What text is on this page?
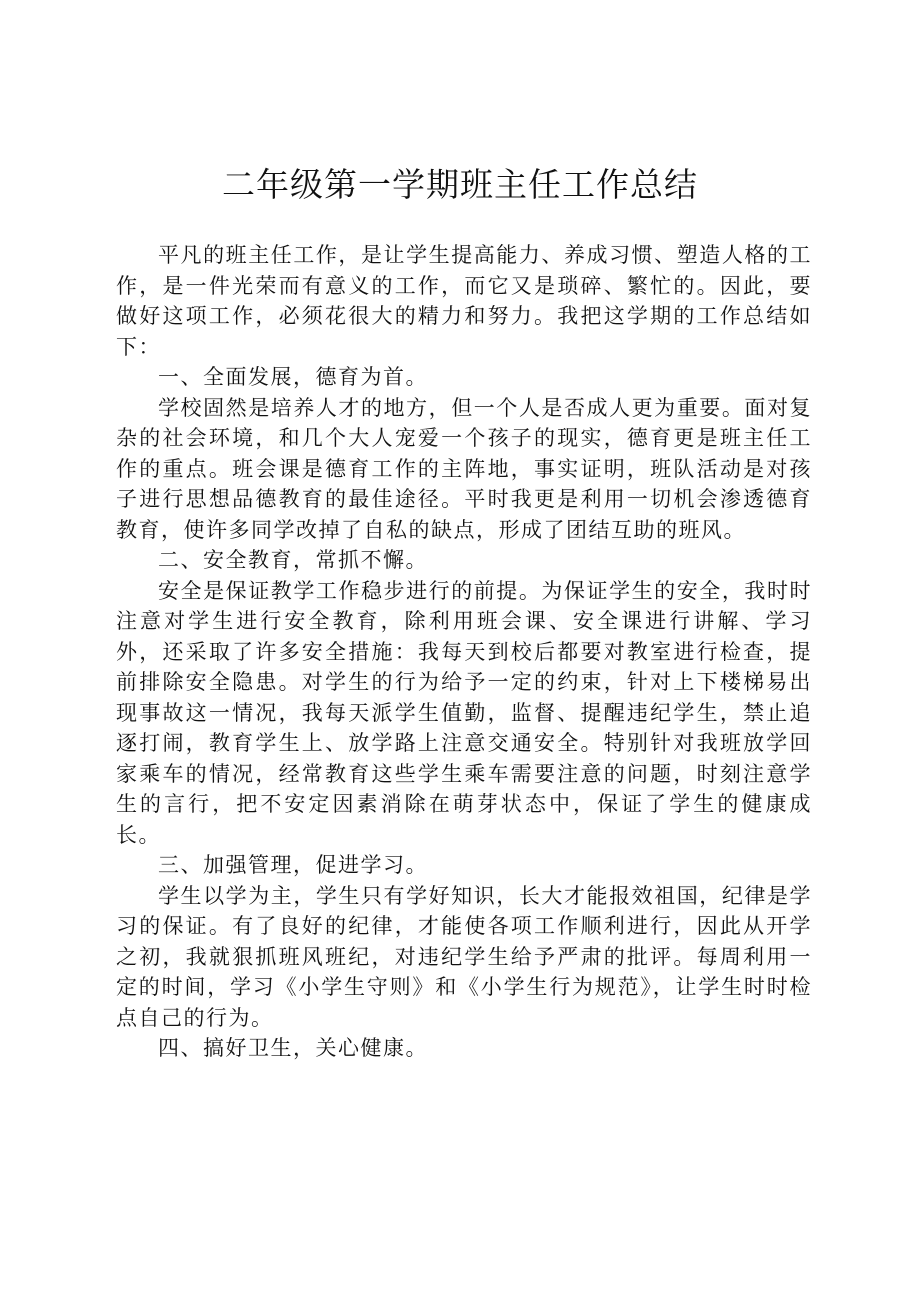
二年级第一学期班主任工作总结

平凡的班主任工作，是让学生提高能力、养成习惯、塑造人格的工作，是一件光荣而有意义的工作，而它又是琐碎、繁忙的。因此，要做好这项工作，必须花很大的精力和努力。我把这学期的工作总结如下：

一、全面发展，德育为首。

学校固然是培养人才的地方，但一个人是否成人更为重要。面对复杂的社会环境，和几个大人宠爱一个孩子的现实，德育更是班主任工作的重点。班会课是德育工作的主阵地，事实证明，班队活动是对孩子进行思想品德教育的最佳途径。平时我更是利用一切机会渗透德育教育，使许多同学改掉了自私的缺点，形成了团结互助的班风。

二、安全教育，常抓不懈。

安全是保证教学工作稳步进行的前提。为保证学生的安全，我时时注意对学生进行安全教育，除利用班会课、安全课进行讲解、学习外，还采取了许多安全措施：我每天到校后都要对教室进行检查，提前排除安全隐患。对学生的行为给予一定的约束，针对上下楼梯易出现事故这一情况，我每天派学生值勤，监督、提醒违纪学生，禁止追逐打闹，教育学生上、放学路上注意交通安全。特别针对我班放学回家乘车的情况，经常教育这些学生乘车需要注意的问题，时刻注意学生的言行，把不安定因素消除在萌芽状态中，保证了学生的健康成长。

三、加强管理，促进学习。

学生以学为主，学生只有学好知识，长大才能报效祖国，纪律是学习的保证。有了良好的纪律，才能使各项工作顺利进行，因此从开学之初，我就狠抓班风班纪，对违纪学生给予严肃的批评。每周利用一定的时间，学习《小学生守则》和《小学生行为规范》，让学生时时检点自己的行为。

四、搞好卫生，关心健康。
